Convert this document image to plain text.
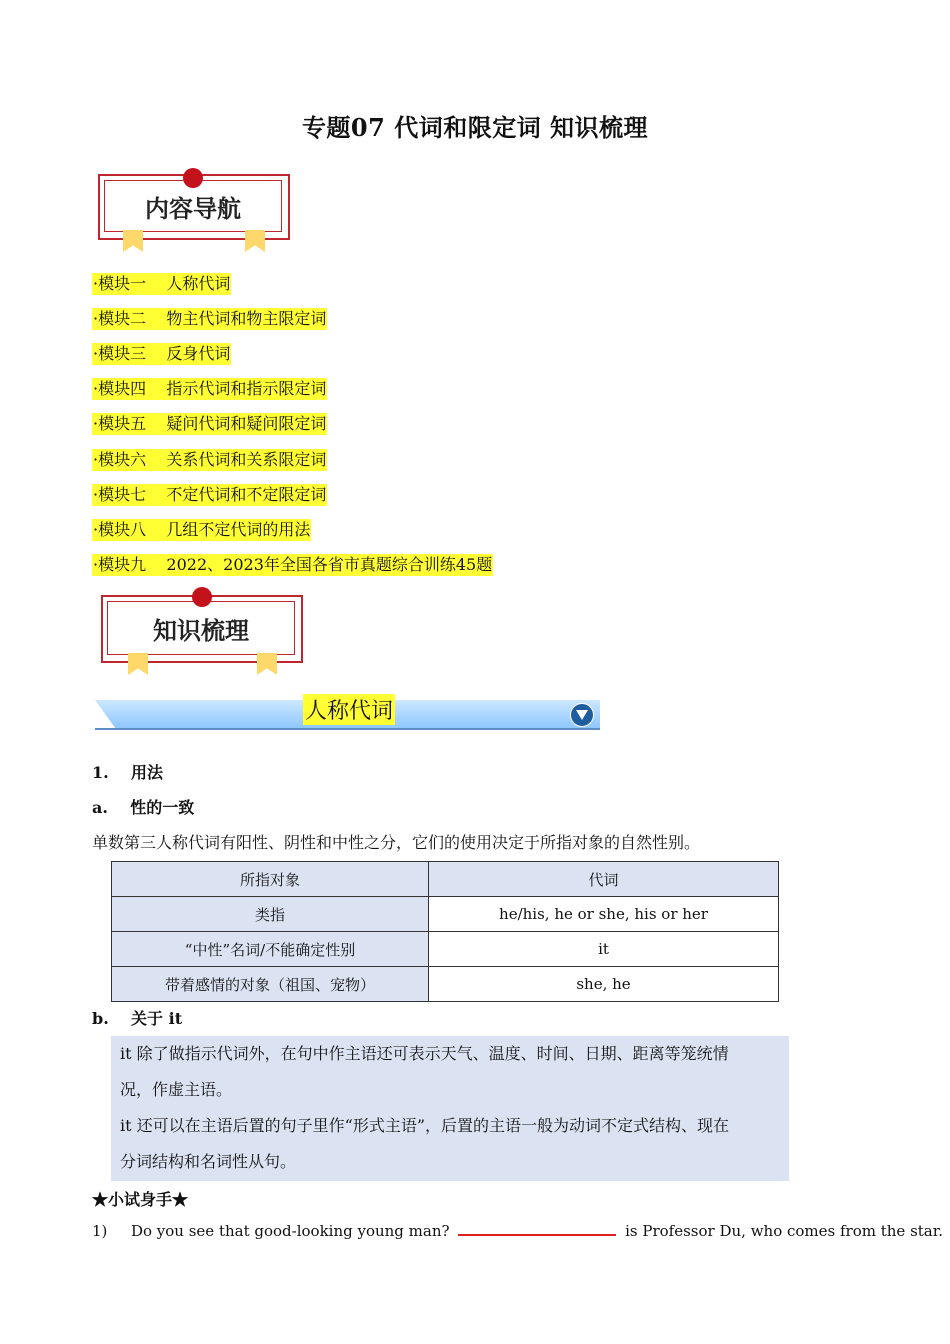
专题07 代词和限定词 知识梳理
内容导航
·模块一    人称代词
·模块二    物主代词和物主限定词
·模块三    反身代词
·模块四    指示代词和指示限定词
·模块五    疑问代词和疑问限定词
·模块六    关系代词和关系限定词
·模块七    不定代词和不定限定词
·模块八    几组不定代词的用法
·模块九    2022、2023年全国各省市真题综合训练45题
知识梳理
人称代词
1.    用法
a.    性的一致
单数第三人称代词有阳性、阴性和中性之分，它们的使用决定于所指对象的自然性别。
所指对象	代词
类指	he/his, he or she, his or her
“中性”名词/不能确定性别	it
带着感情的对象（祖国、宠物）	she, he
b.    关于 it

it 除了做指示代词外，在句中作主语还可表示天气、温度、时间、日期、距离等笼统情

况，作虚主语。

it 还可以在主语后置的句子里作“形式主语”，后置的主语一般为动词不定式结构、现在

分词结构和名词性从句。

★小试身手★
1) Do you see that good-looking young man?	is Professor Du, who comes from the star.
